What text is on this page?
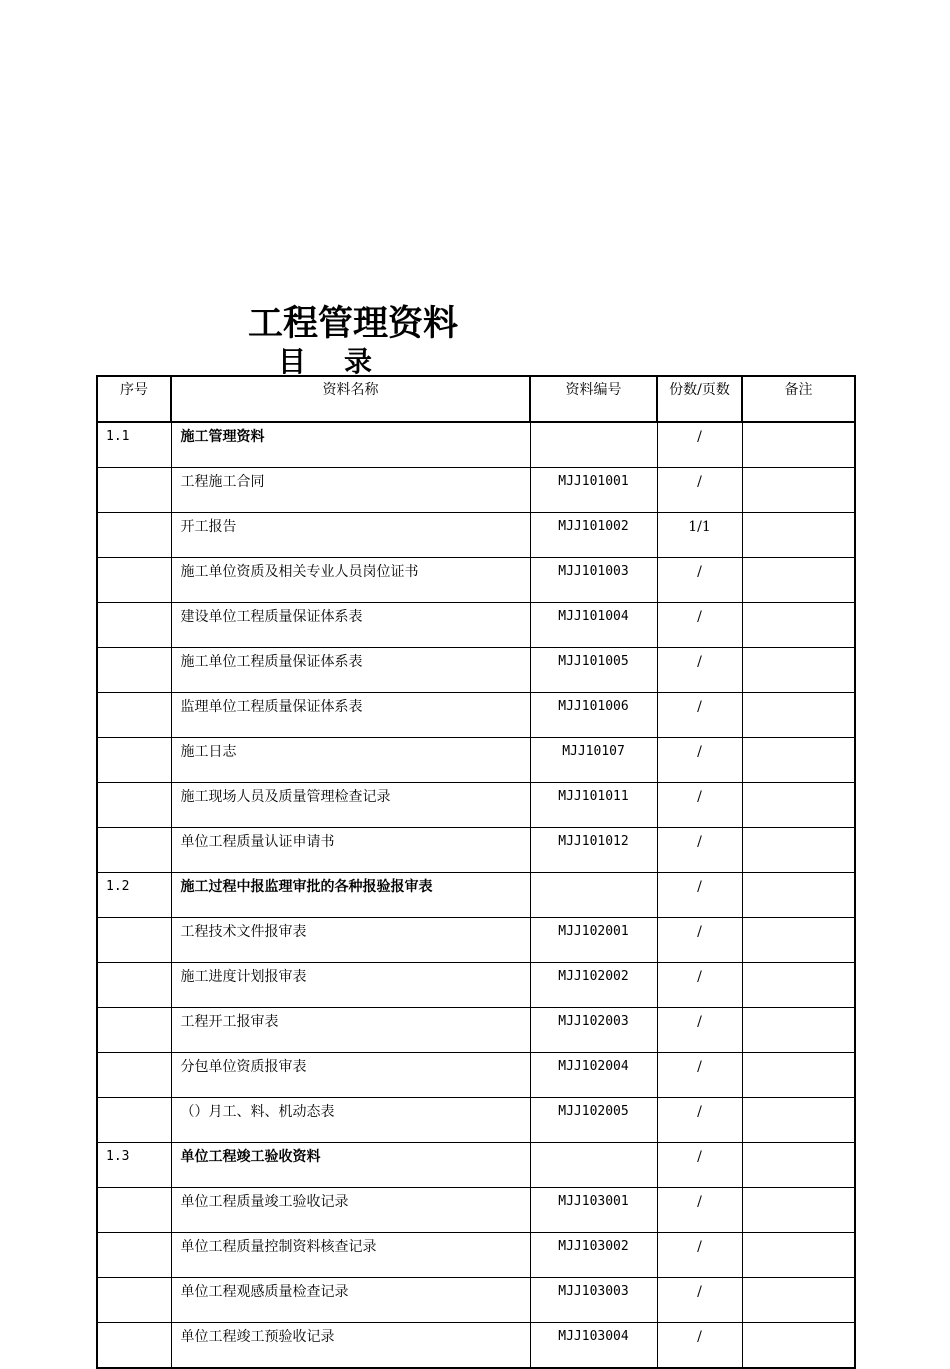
工程管理资料
目录
序号	资料名称	资料编号	份数/页数	备注
1.1	施工管理资料		/	
	工程施工合同	MJJ101001	/	
	开工报告	MJJ101002	1/1	
	施工单位资质及相关专业人员岗位证书	MJJ101003	/	
	建设单位工程质量保证体系表	MJJ101004	/	
	施工单位工程质量保证体系表	MJJ101005	/	
	监理单位工程质量保证体系表	MJJ101006	/	
	施工日志	MJJ10107	/	
	施工现场人员及质量管理检查记录	MJJ101011	/	
	单位工程质量认证申请书	MJJ101012	/	
1.2	施工过程中报监理审批的各种报验报审表		/	
	工程技术文件报审表	MJJ102001	/	
	施工进度计划报审表	MJJ102002	/	
	工程开工报审表	MJJ102003	/	
	分包单位资质报审表	MJJ102004	/	
	（）月工、料、机动态表	MJJ102005	/	
1.3	单位工程竣工验收资料		/	
	单位工程质量竣工验收记录	MJJ103001	/	
	单位工程质量控制资料核查记录	MJJ103002	/	
	单位工程观感质量检查记录	MJJ103003	/	
	单位工程竣工预验收记录	MJJ103004	/	
